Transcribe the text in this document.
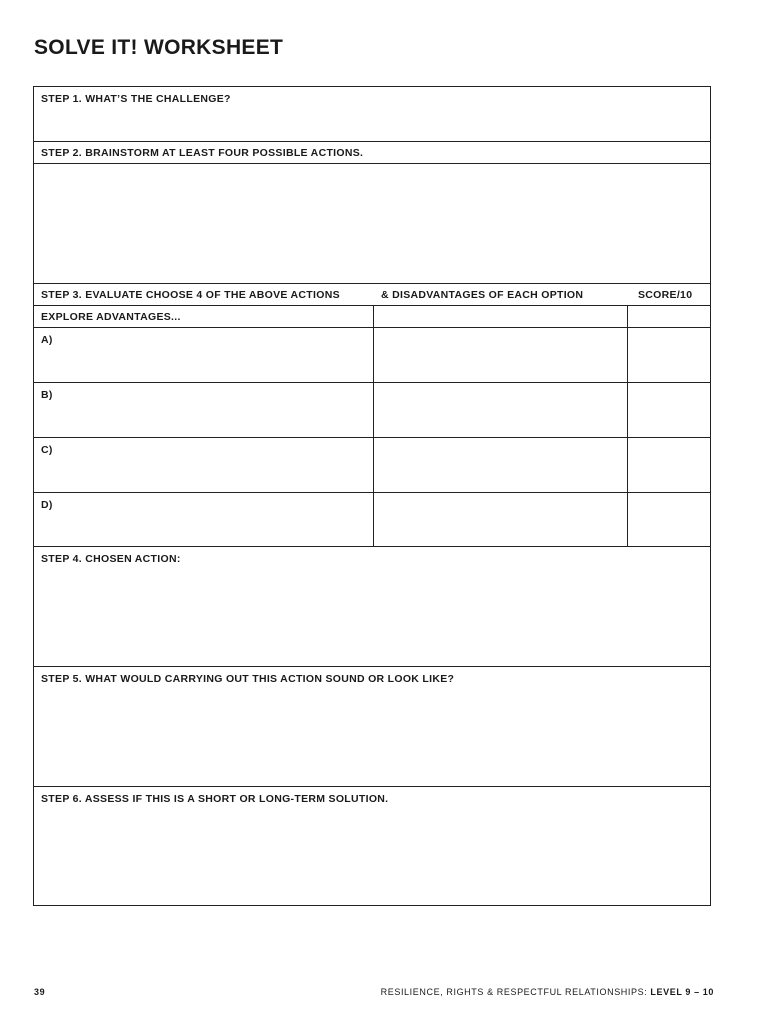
SOLVE IT! WORKSHEET
STEP 1. WHAT’S THE CHALLENGE?
STEP 2. BRAINSTORM AT LEAST FOUR POSSIBLE ACTIONS.
STEP 3. EVALUATE CHOOSE 4 OF THE ABOVE ACTIONS	& DISADVANTAGES OF EACH OPTION	SCORE/10
EXPLORE ADVANTAGES...
A)
B)
C)
D)
STEP 4. CHOSEN ACTION:
STEP 5. WHAT WOULD CARRYING OUT THIS ACTION SOUND OR LOOK LIKE?
STEP 6. ASSESS IF THIS IS A SHORT OR LONG-TERM SOLUTION.
39	RESILIENCE, RIGHTS & RESPECTFUL RELATIONSHIPS: LEVEL 9 – 10
